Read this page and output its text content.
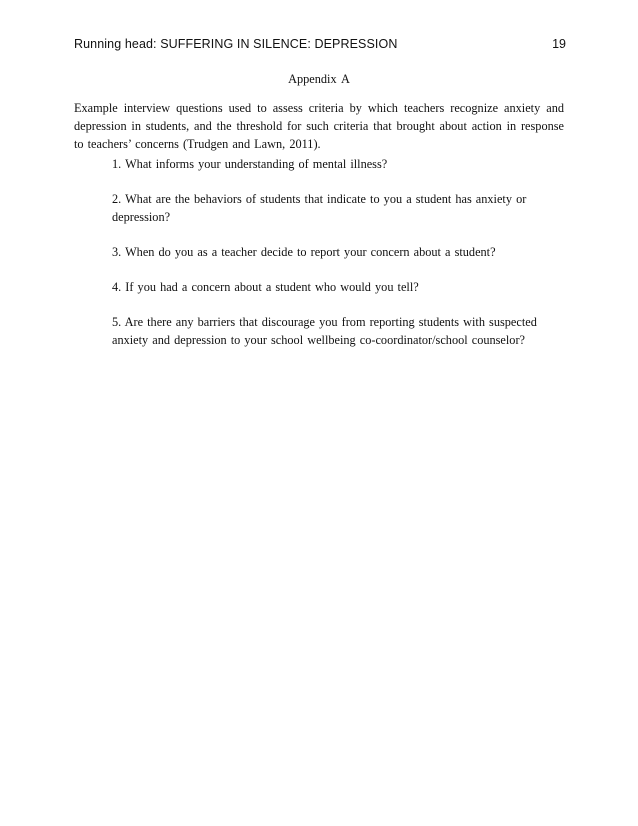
Running head: SUFFERING IN SILENCE: DEPRESSION	19
Appendix A

Example interview questions used to assess criteria by which teachers recognize anxiety and depression in students, and the threshold for such criteria that brought about action in response to teachers’ concerns (Trudgen and Lawn, 2011).

1. What informs your understanding of mental illness?
2. What are the behaviors of students that indicate to you a student has anxiety or depression?
3. When do you as a teacher decide to report your concern about a student?
4. If you had a concern about a student who would you tell?
5. Are there any barriers that discourage you from reporting students with suspected anxiety and depression to your school wellbeing co-coordinator/school counselor?
